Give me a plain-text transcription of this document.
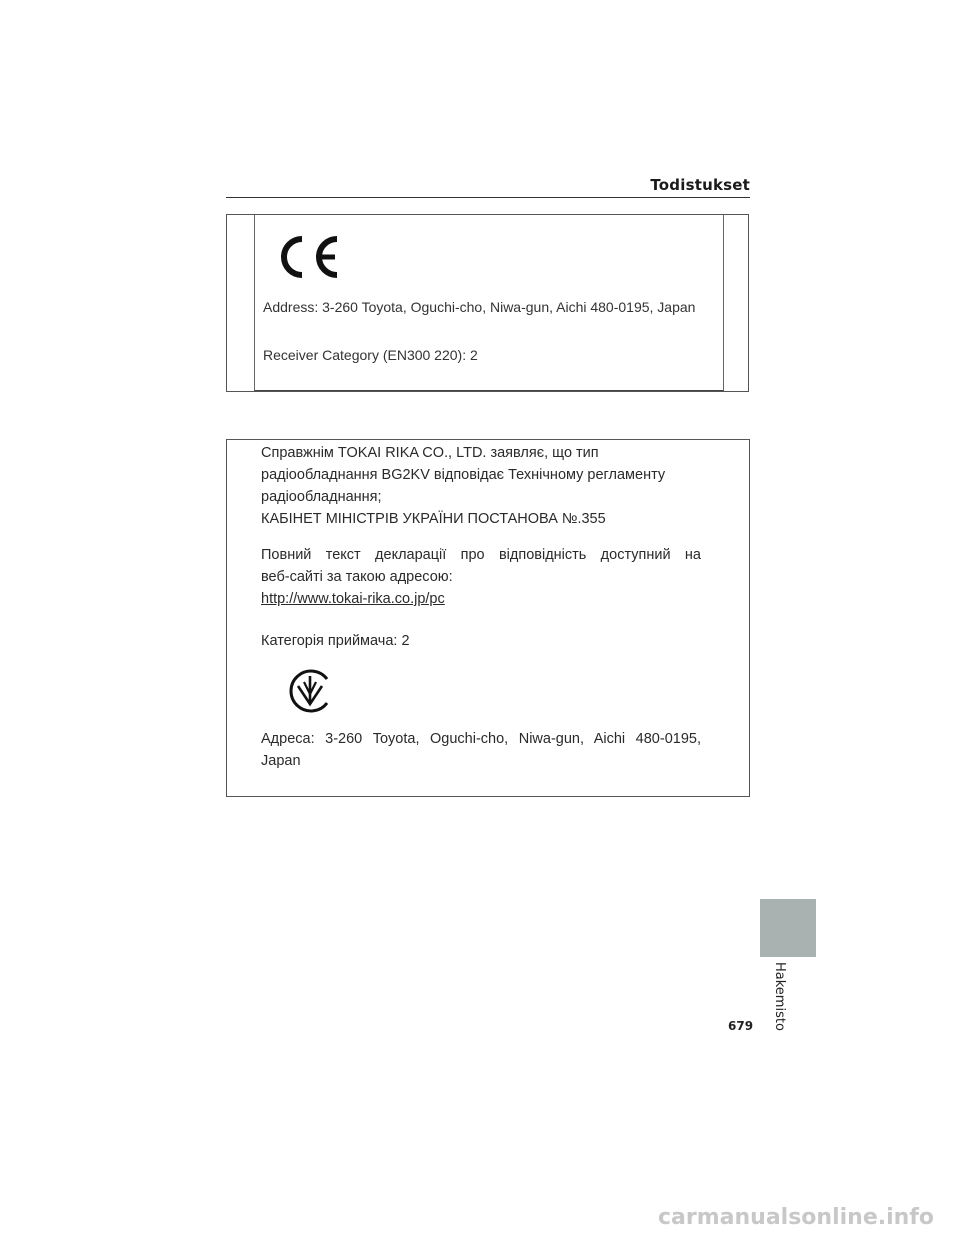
Todistukset
Address: 3-260 Toyota, Oguchi-cho, Niwa-gun, Aichi 480-0195, Japan
Receiver Category (EN300 220): 2
Справжнім TOKAI RIKA CO., LTD. заявляє, що тип
радіообладнання BG2KV відповідає Технічному регламенту
радіообладнання;
КАБІНЕТ МІНІСТРІВ УКРАЇНИ ПОСТАНОВА №.355
Повний текст декларації про відповідність доступний на
веб-сайті за такою адресою:
http://www.tokai-rika.co.jp/pc
Категорія приймача: 2
Адреса: 3-260 Toyota, Oguchi-cho, Niwa-gun, Aichi 480-0195,
Japan
Hakemisto
679
carmanualsonline.info
